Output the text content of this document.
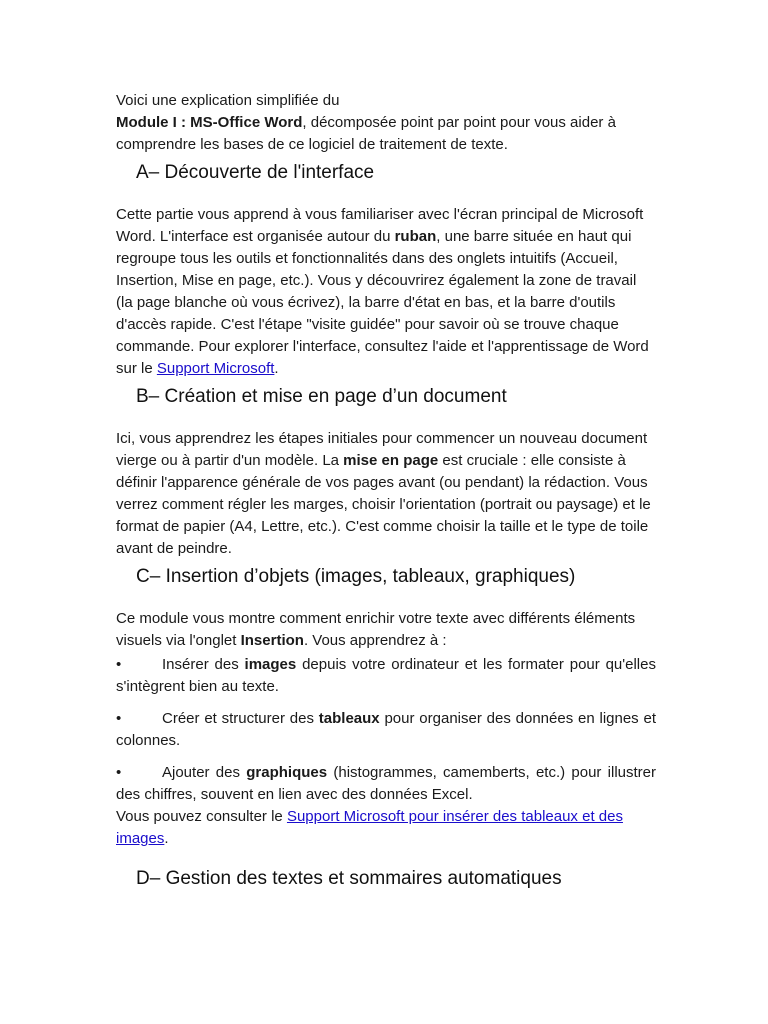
Voici une explication simplifiée du
Module I : MS-Office Word, décomposée point par point pour vous aider à comprendre les bases de ce logiciel de traitement de texte.

A– Découverte de l'interface

Cette partie vous apprend à vous familiariser avec l'écran principal de Microsoft Word. L'interface est organisée autour du ruban, une barre située en haut qui regroupe tous les outils et fonctionnalités dans des onglets intuitifs (Accueil, Insertion, Mise en page, etc.). Vous y découvrirez également la zone de travail (la page blanche où vous écrivez), la barre d'état en bas, et la barre d'outils d'accès rapide. C'est l'étape "visite guidée" pour savoir où se trouve chaque commande. Pour explorer l'interface, consultez l'aide et l'apprentissage de Word sur le Support Microsoft.

B– Création et mise en page d’un document

Ici, vous apprendrez les étapes initiales pour commencer un nouveau document vierge ou à partir d'un modèle. La mise en page est cruciale : elle consiste à définir l'apparence générale de vos pages avant (ou pendant) la rédaction. Vous verrez comment régler les marges, choisir l'orientation (portrait ou paysage) et le format de papier (A4, Lettre, etc.). C'est comme choisir la taille et le type de toile avant de peindre.

C– Insertion d’objets (images, tableaux, graphiques)

Ce module vous montre comment enrichir votre texte avec différents éléments visuels via l'onglet Insertion. Vous apprendrez à :

•	Insérer des images depuis votre ordinateur et les formater pour qu'elles s'intègrent bien au texte.
•	Créer et structurer des tableaux pour organiser des données en lignes et colonnes.
•	Ajouter des graphiques (histogrammes, camemberts, etc.) pour illustrer des chiffres, souvent en lien avec des données Excel.

Vous pouvez consulter le Support Microsoft pour insérer des tableaux et des images.

D– Gestion des textes et sommaires automatiques
